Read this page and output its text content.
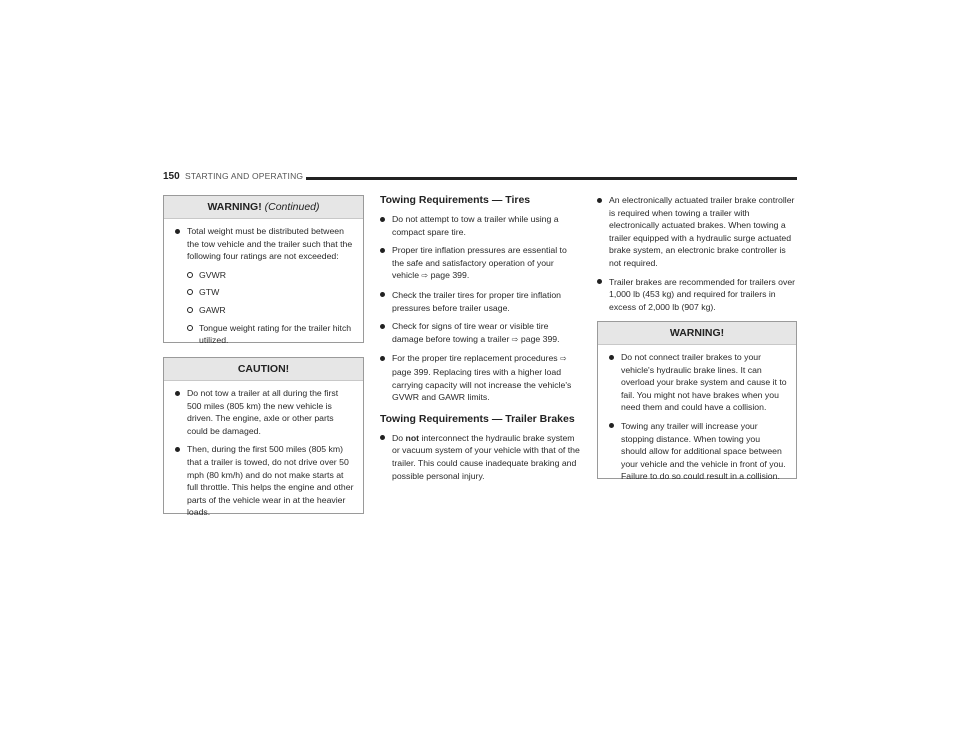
150 STARTING AND OPERATING
WARNING! (Continued)
Total weight must be distributed between the tow vehicle and the trailer such that the following four ratings are not exceeded:
GVWR
GTW
GAWR
Tongue weight rating for the trailer hitch utilized.
CAUTION!
Do not tow a trailer at all during the first 500 miles (805 km) the new vehicle is driven. The engine, axle or other parts could be damaged.
Then, during the first 500 miles (805 km) that a trailer is towed, do not drive over 50 mph (80 km/h) and do not make starts at full throttle. This helps the engine and other parts of the vehicle wear in at the heavier loads.
Towing Requirements — Tires
Do not attempt to tow a trailer while using a compact spare tire.
Proper tire inflation pressures are essential to the safe and satisfactory operation of your vehicle ⇨ page 399.
Check the trailer tires for proper tire inflation pressures before trailer usage.
Check for signs of tire wear or visible tire damage before towing a trailer ⇨ page 399.
For the proper tire replacement procedures ⇨ page 399. Replacing tires with a higher load carrying capacity will not increase the vehicle's GVWR and GAWR limits.
Towing Requirements — Trailer Brakes
Do not interconnect the hydraulic brake system or vacuum system of your vehicle with that of the trailer. This could cause inadequate braking and possible personal injury.
An electronically actuated trailer brake controller is required when towing a trailer with electronically actuated brakes. When towing a trailer equipped with a hydraulic surge actuated brake system, an electronic brake controller is not required.
Trailer brakes are recommended for trailers over 1,000 lb (453 kg) and required for trailers in excess of 2,000 lb (907 kg).
WARNING!
Do not connect trailer brakes to your vehicle's hydraulic brake lines. It can overload your brake system and cause it to fail. You might not have brakes when you need them and could have a collision.
Towing any trailer will increase your stopping distance. When towing you should allow for additional space between your vehicle and the vehicle in front of you. Failure to do so could result in a collision.
